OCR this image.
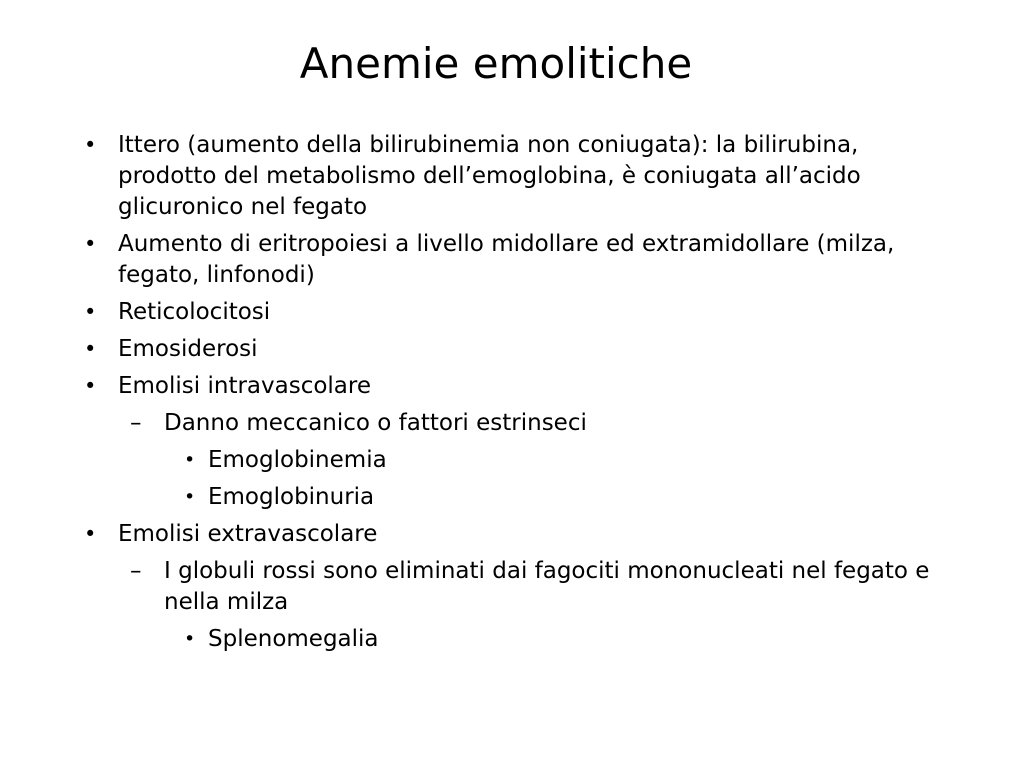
Anemie emolitiche
• Ittero (aumento della bilirubinemia non coniugata): la bilirubina, prodotto del metabolismo dell’emoglobina, è coniugata all’acido glicuronico nel fegato
• Aumento di eritropoiesi a livello midollare ed extramidollare (milza, fegato, linfonodi)
• Reticolocitosi
• Emosiderosi
• Emolisi intravascolare
– Danno meccanico o fattori estrinseci
• Emoglobinemia
• Emoglobinuria
• Emolisi extravascolare
– I globuli rossi sono eliminati dai fagociti mononucleati nel fegato e nella milza
• Splenomegalia
